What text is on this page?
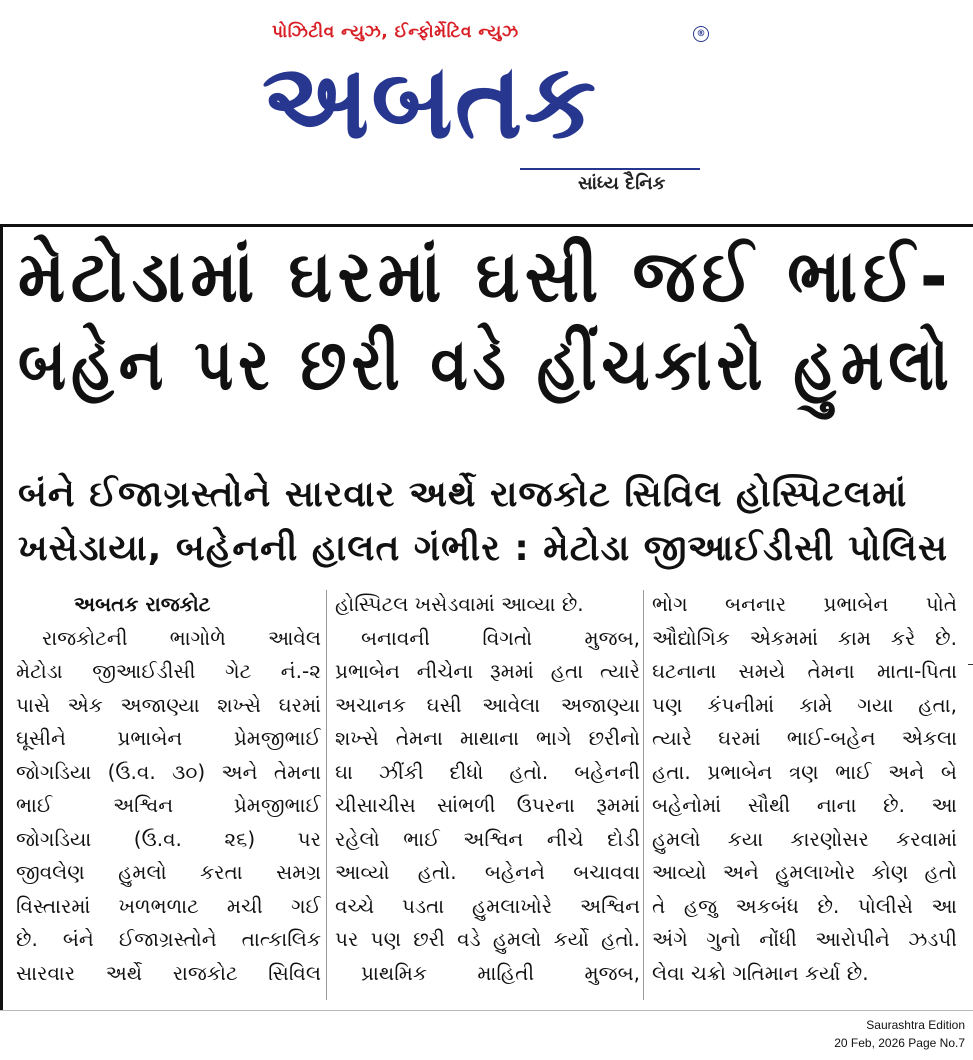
પોઝિટીવ ન્યુઝ, ઈન્ફોર્મેટિવ ન્યુઝ
અબતક
®
સાંધ્ય દૈનિક
મેટોડામાં ઘરમાં ઘસી જઈ ભાઈ-
બહેન પર છરી વડે હીંચકારો હુમલો
બંને ઈજાગ્રસ્તોને સારવાર અર્થે રાજકોટ સિવિલ હોસ્પિટલમાં
ખસેડાયા, બહેનની હાલત ગંભીર : મેટોડા જીઆઈડીસી પોલિસ
અબતક રાજકોટ
રાજકોટની ભાગોળે આવેલ
મેટોડા જીઆઈડીસી ગેટ નં.-૨
પાસે એક અજાણ્યા શખ્સે ઘરમાં
ઘૂસીને પ્રભાબેન પ્રેમજીભાઈ
જોગડિયા (ઉ.વ. ૩૦) અને તેમના
ભાઈ અશ્વિન પ્રેમજીભાઈ
જોગડિયા (ઉ.વ. ૨૬) પર
જીવલેણ હુમલો કરતા સમગ્ર
વિસ્તારમાં ખળભળાટ મચી ગઈ
છે. બંને ઈજાગ્રસ્તોને તાત્કાલિક
સારવાર અર્થે રાજકોટ સિવિલ
હોસ્પિટલ ખસેડવામાં આવ્યા છે.
બનાવની વિગતો મુજબ,
પ્રભાબેન નીચેના રૂમમાં હતા ત્યારે
અચાનક ઘસી આવેલા અજાણ્યા
શખ્સે તેમના માથાના ભાગે છરીનો
ઘા ઝીંકી દીધો હતો. બહેનની
ચીસાચીસ સાંભળી ઉપરના રૂમમાં
રહેલો ભાઈ અશ્વિન નીચે દોડી
આવ્યો હતો. બહેનને બચાવવા
વચ્ચે પડતા હુમલાખોરે અશ્વિન
પર પણ છરી વડે હુમલો કર્યો હતો.
પ્રાથમિક માહિતી મુજબ,
ભોગ બનનાર પ્રભાબેન પોતે
ઔદ્યોગિક એકમમાં કામ કરે છે.
ઘટનાના સમયે તેમના માતા-પિતા
પણ કંપનીમાં કામે ગયા હતા,
ત્યારે ઘરમાં ભાઈ-બહેન એકલા
હતા. પ્રભાબેન ત્રણ ભાઈ અને બે
બહેનોમાં સૌથી નાના છે. આ
હુમલો કયા કારણોસર કરવામાં
આવ્યો અને હુમલાખોર કોણ હતો
તે હજુ અકબંધ છે. પોલીસે આ
અંગે ગુનો નોંધી આરોપીને ઝડપી
લેવા ચક્રો ગતિમાન કર્યા છે.
Saurashtra Edition
20 Feb, 2026 Page No.7
